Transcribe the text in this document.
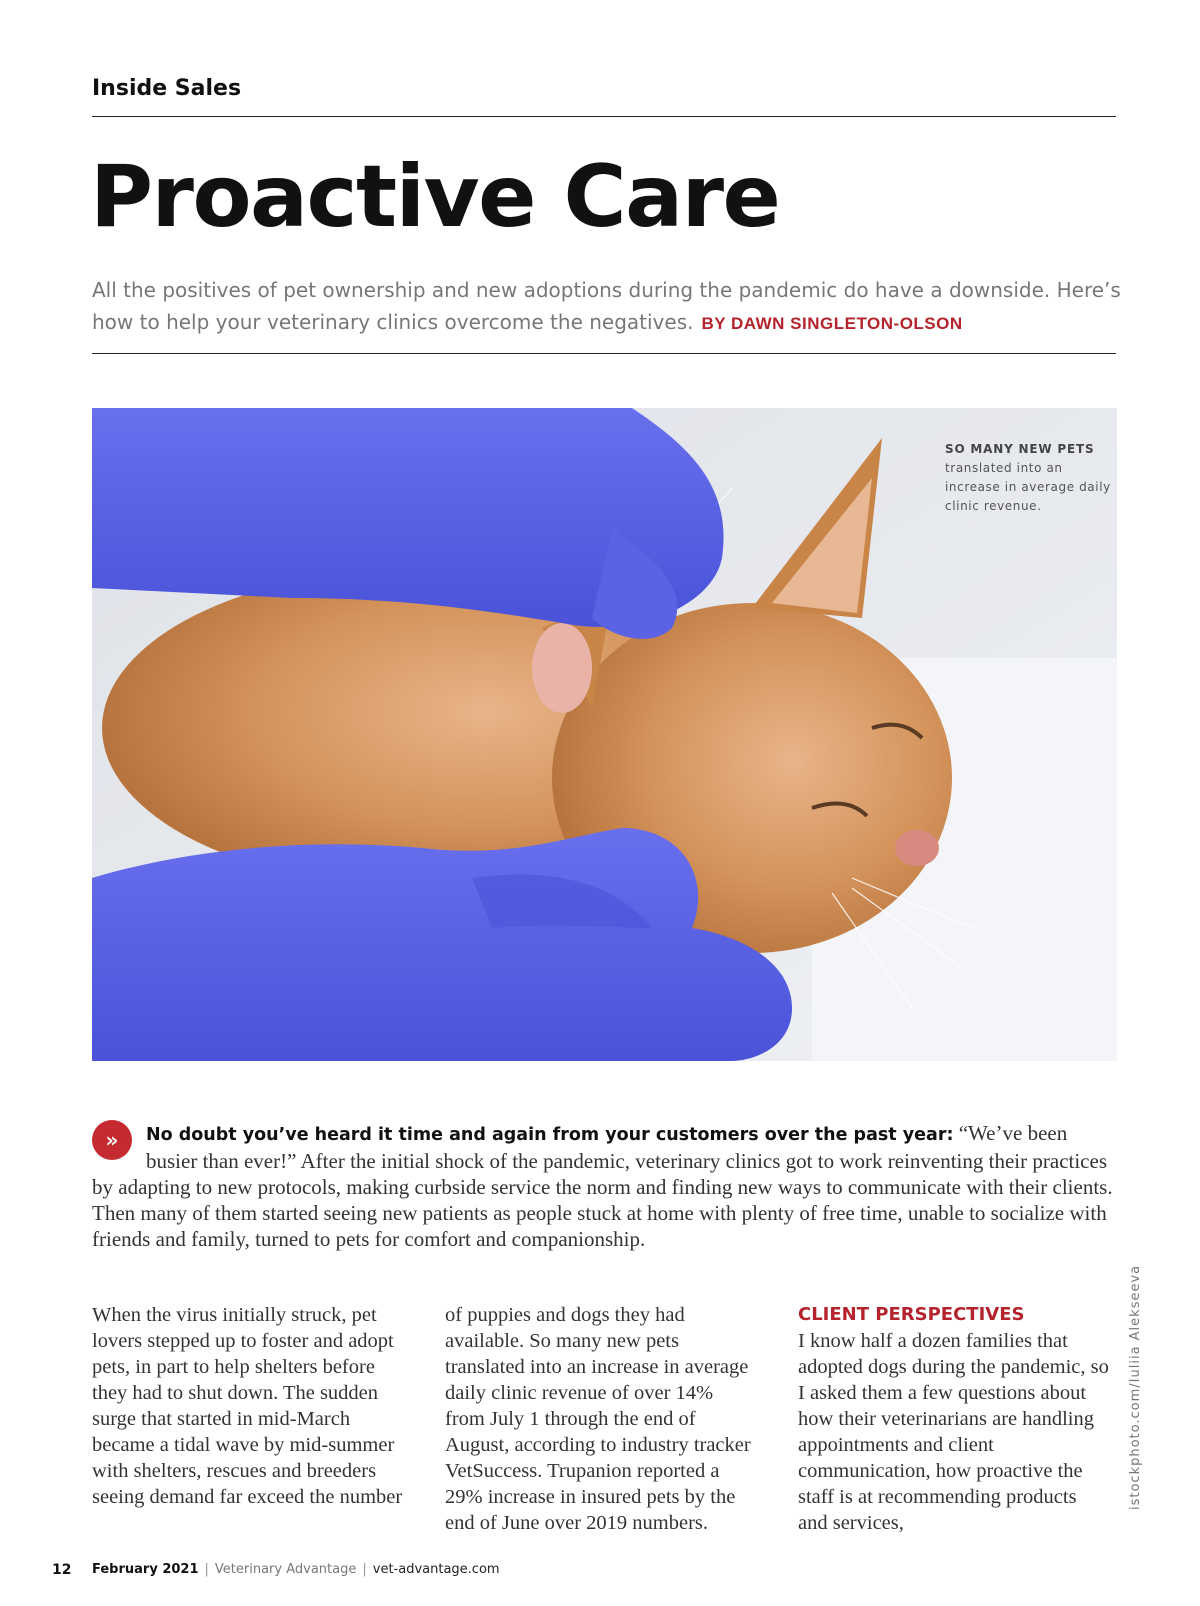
Inside Sales
Proactive Care
All the positives of pet ownership and new adoptions during the pandemic do have a downside. Here’s how to help your veterinary clinics overcome the negatives. BY DAWN SINGLETON-OLSON
SO MANY NEW PETS
translated into an increase in average daily clinic revenue.
»	No doubt you’ve heard it time and again from your customers over the past year: “We’ve been busier than ever!” After the initial shock of the pandemic, veterinary clinics got to work reinventing their practices by adapting to new protocols, making curbside service the norm and finding new ways to communicate with their clients. Then many of them started seeing new patients as people stuck at home with plenty of free time, unable to socialize with friends and family, turned to pets for comfort and companionship.
When the virus initially struck, pet lovers stepped up to foster and adopt pets, in part to help shelters before they had to shut down. The sudden surge that started in mid-March became a tidal wave by mid-summer with shelters, rescues and breeders seeing demand far exceed the number
of puppies and dogs they had available. So many new pets translated into an increase in average daily clinic revenue of over 14% from July 1 through the end of August, according to industry tracker VetSuccess. Trupanion reported a 29% increase in insured pets by the end of June over 2019 numbers.
CLIENT PERSPECTIVES
I know half a dozen families that adopted dogs during the pandemic, so I asked them a few questions about how their veterinarians are handling appointments and client communication, how proactive the staff is at recommending products and services,
istockphoto.com/Iuliia Alekseeva
12 February 2021 | Veterinary Advantage | vet-advantage.com
